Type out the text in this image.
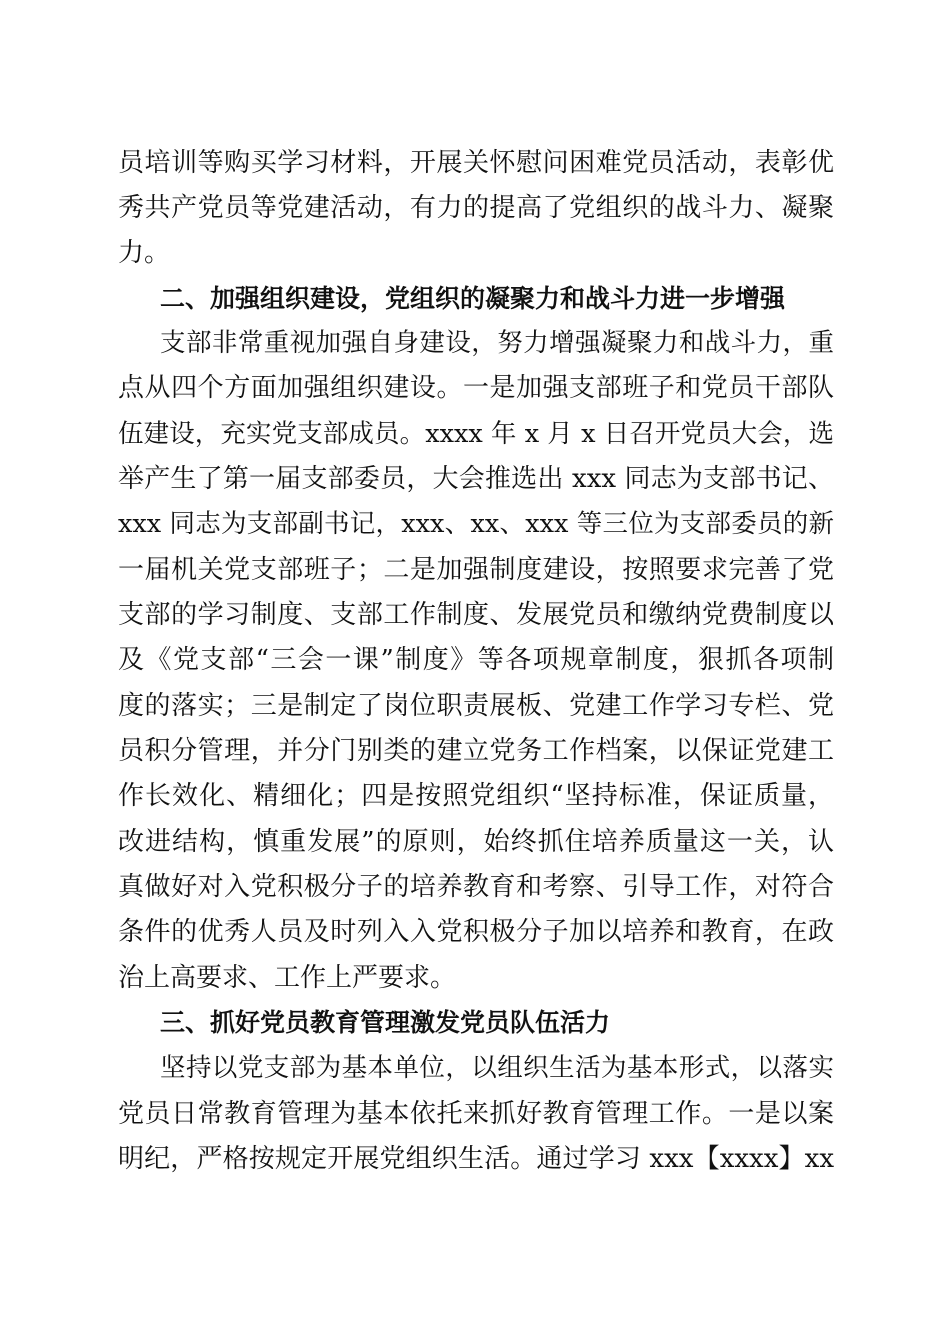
员培训等购买学习材料，开展关怀慰问困难党员活动，表彰优
秀共产党员等党建活动，有力的提高了党组织的战斗力、凝聚
力。
二、加强组织建设，党组织的凝聚力和战斗力进一步增强
支部非常重视加强自身建设，努力增强凝聚力和战斗力，重
点从四个方面加强组织建设。一是加强支部班子和党员干部队
伍建设，充实党支部成员。xxxx 年 x 月 x 日召开党员大会，选
举产生了第一届支部委员，大会推选出 xxx 同志为支部书记、
xxx 同志为支部副书记，xxx、xx、xxx 等三位为支部委员的新
一届机关党支部班子；二是加强制度建设，按照要求完善了党
支部的学习制度、支部工作制度、发展党员和缴纳党费制度以
及《党支部“三会一课”制度》等各项规章制度，狠抓各项制
度的落实；三是制定了岗位职责展板、党建工作学习专栏、党
员积分管理，并分门别类的建立党务工作档案，以保证党建工
作长效化、精细化；四是按照党组织“坚持标准，保证质量，
改进结构，慎重发展”的原则，始终抓住培养质量这一关，认
真做好对入党积极分子的培养教育和考察、引导工作，对符合
条件的优秀人员及时列入入党积极分子加以培养和教育，在政
治上高要求、工作上严要求。
三、抓好党员教育管理激发党员队伍活力
坚持以党支部为基本单位，以组织生活为基本形式，以落实
党员日常教育管理为基本依托来抓好教育管理工作。一是以案
明纪，严格按规定开展党组织生活。通过学习 xxx【xxxx】xx
